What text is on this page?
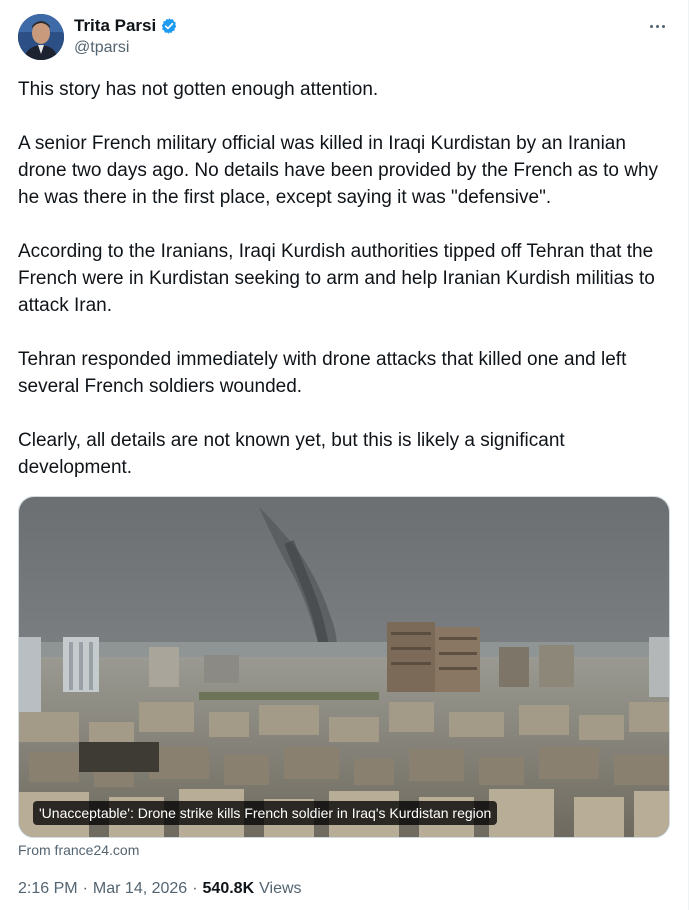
Trita Parsi
@tparsi

This story has not gotten enough attention.

A senior French military official was killed in Iraqi Kurdistan by an Iranian drone two days ago. No details have been provided by the French as to why he was there in the first place, except saying it was "defensive".

According to the Iranians, Iraqi Kurdish authorities tipped off Tehran that the French were in Kurdistan seeking to arm and help Iranian Kurdish militias to attack Iran.

Tehran responded immediately with drone attacks that killed one and left several French soldiers wounded.

Clearly, all details are not known yet, but this is likely a significant development.

'Unacceptable': Drone strike kills French soldier in Iraq's Kurdistan region
From france24.com
2:16 PM · Mar 14, 2026 · 540.8K Views
